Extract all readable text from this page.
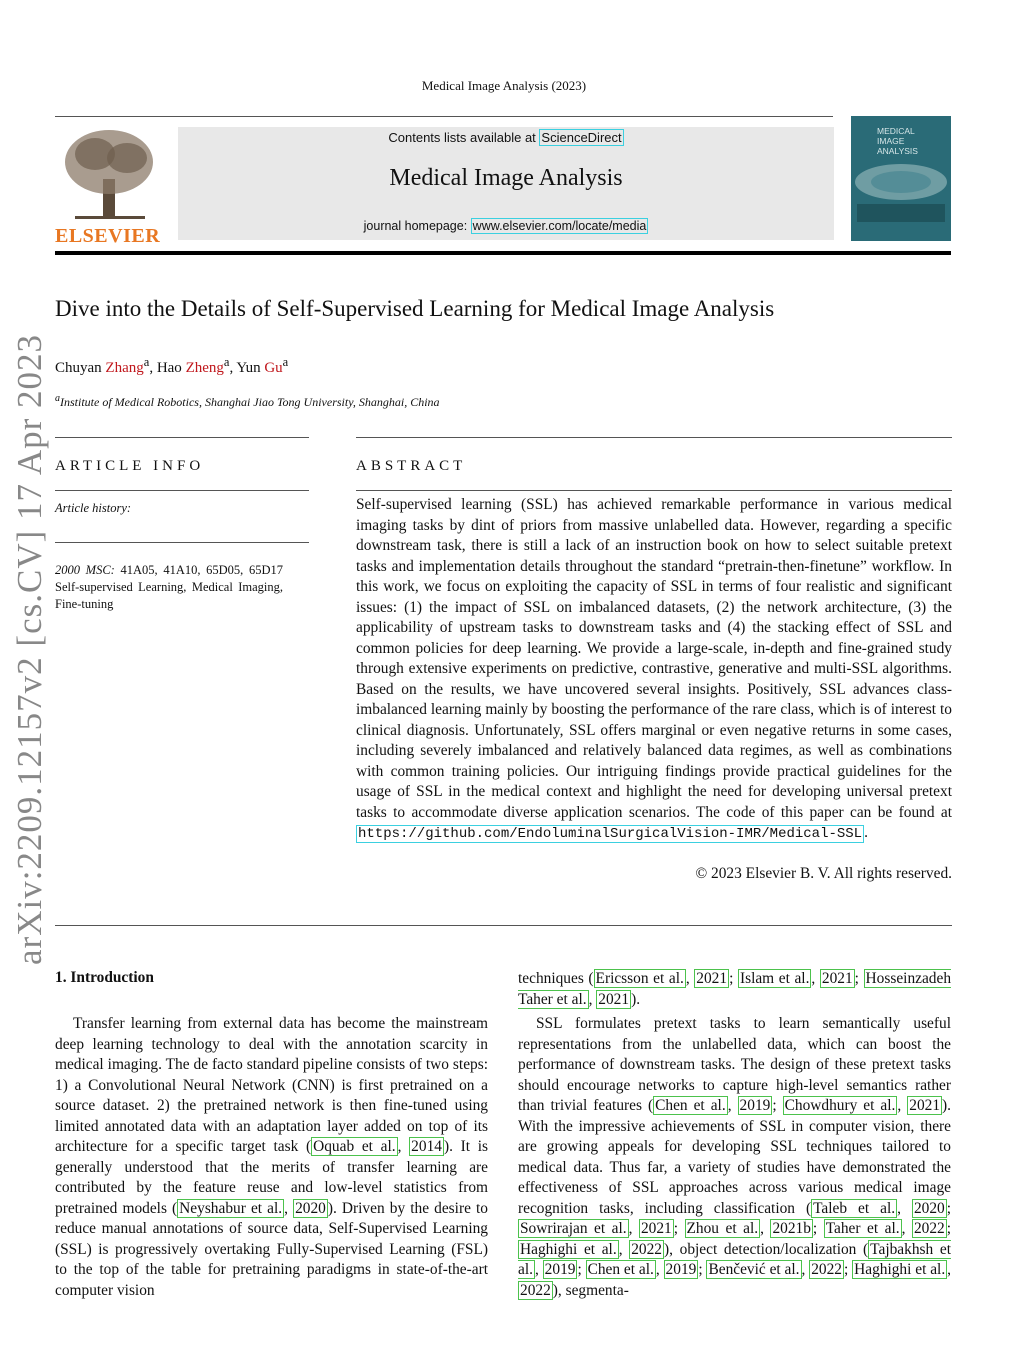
Medical Image Analysis (2023)
ELSEVIER
Contents lists available at ScienceDirect
Medical Image Analysis
journal homepage: www.elsevier.com/locate/media
MEDICAL
IMAGE
ANALYSIS
arXiv:2209.12157v2 [cs.CV] 17 Apr 2023
Dive into the Details of Self-Supervised Learning for Medical Image Analysis
Chuyan Zhang$^a$, Hao Zheng$^a$, Yun Gu$^a$
$^a$Institute of Medical Robotics, Shanghai Jiao Tong University, Shanghai, China
ARTICLE INFO
Article history:
2000 MSC: 41A05, 41A10, 65D05, 65D17 Self-supervised Learning, Medical Imaging, Fine-tuning
ABSTRACT
Self-supervised learning (SSL) has achieved remarkable performance in various medical imaging tasks by dint of priors from massive unlabelled data. However, regarding a specific downstream task, there is still a lack of an instruction book on how to select suitable pretext tasks and implementation details throughout the standard “pretrain-then-finetune” workflow. In this work, we focus on exploiting the capacity of SSL in terms of four realistic and significant issues: (1) the impact of SSL on imbalanced datasets, (2) the network architecture, (3) the applicability of upstream tasks to downstream tasks and (4) the stacking effect of SSL and common policies for deep learning. We provide a large-scale, in-depth and fine-grained study through extensive experiments on predictive, contrastive, generative and multi-SSL algorithms. Based on the results, we have uncovered several insights. Positively, SSL advances class-imbalanced learning mainly by boosting the performance of the rare class, which is of interest to clinical diagnosis. Unfortunately, SSL offers marginal or even negative returns in some cases, including severely imbalanced and relatively balanced data regimes, as well as combinations with common training policies. Our intriguing findings provide practical guidelines for the usage of SSL in the medical context and highlight the need for developing universal pretext tasks to accommodate diverse application scenarios. The code of this paper can be found at https://github.com/EndoluminalSurgicalVision-IMR/Medical-SSL .
© 2023 Elsevier B. V. All rights reserved.
1. Introduction
Transfer learning from external data has become the mainstream deep learning technology to deal with the annotation scarcity in medical imaging. The de facto standard pipeline consists of two steps: 1) a Convolutional Neural Network (CNN) is first pretrained on a source dataset. 2) the pretrained network is then fine-tuned using limited annotated data with an adaptation layer added on top of its architecture for a specific target task ( Oquab et al. , 2014 ). It is generally understood that the merits of transfer learning are contributed by the feature reuse and low-level statistics from pretrained models ( Neyshabur et al. , 2020 ). Driven by the desire to reduce manual annotations of source data, Self-Supervised Learning (SSL) is progressively overtaking Fully-Supervised Learning (FSL) to the top of the table for pretraining paradigms in state-of-the-art computer vision
techniques ( Ericsson et al. , 2021 ; Islam et al. , 2021 ; Hosseinzadeh Taher et al. , 2021 ).
SSL formulates pretext tasks to learn semantically useful representations from the unlabelled data, which can boost the performance of downstream tasks. The design of these pretext tasks should encourage networks to capture high-level semantics rather than trivial features ( Chen et al. , 2019 ; Chowdhury et al. , 2021 ). With the impressive achievements of SSL in computer vision, there are growing appeals for developing SSL techniques tailored to medical data. Thus far, a variety of studies have demonstrated the effectiveness of SSL approaches across various medical image recognition tasks, including classification ( Taleb et al. , 2020 ; Sowrirajan et al. , 2021 ; Zhou et al. , 2021b ; Taher et al. , 2022 ; Haghighi et al. , 2022 ), object detection/localization ( Tajbakhsh et al. , 2019 ; Chen et al. , 2019 ; Benčević et al. , 2022 ; Haghighi et al. , 2022 ), segmenta-
